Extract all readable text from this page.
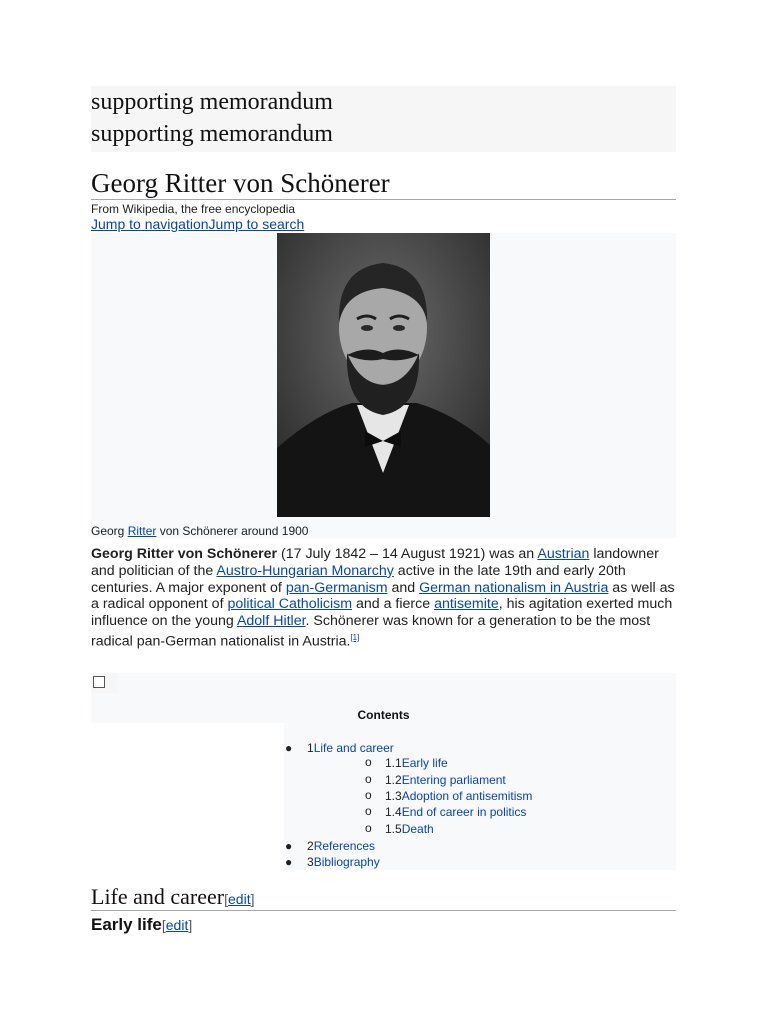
supporting memorandum
supporting memorandum
Georg Ritter von Schönerer
From Wikipedia, the free encyclopedia
Jump to navigationJump to search
Georg Ritter von Schönerer around 1900
Georg Ritter von Schönerer (17 July 1842 – 14 August 1921) was an Austrian landowner and politician of the Austro-Hungarian Monarchy active in the late 19th and early 20th centuries. A major exponent of pan-Germanism and German nationalism in Austria as well as a radical opponent of political Catholicism and a fierce antisemite, his agitation exerted much influence on the young Adolf Hitler. Schönerer was known for a generation to be the most radical pan-German nationalist in Austria.[1]
Contents
● 1Life and career
o 1.1Early life
o 1.2Entering parliament
o 1.3Adoption of antisemitism
o 1.4End of career in politics
o 1.5Death
● 2References
● 3Bibliography
Life and career[edit]
Early life[edit]
